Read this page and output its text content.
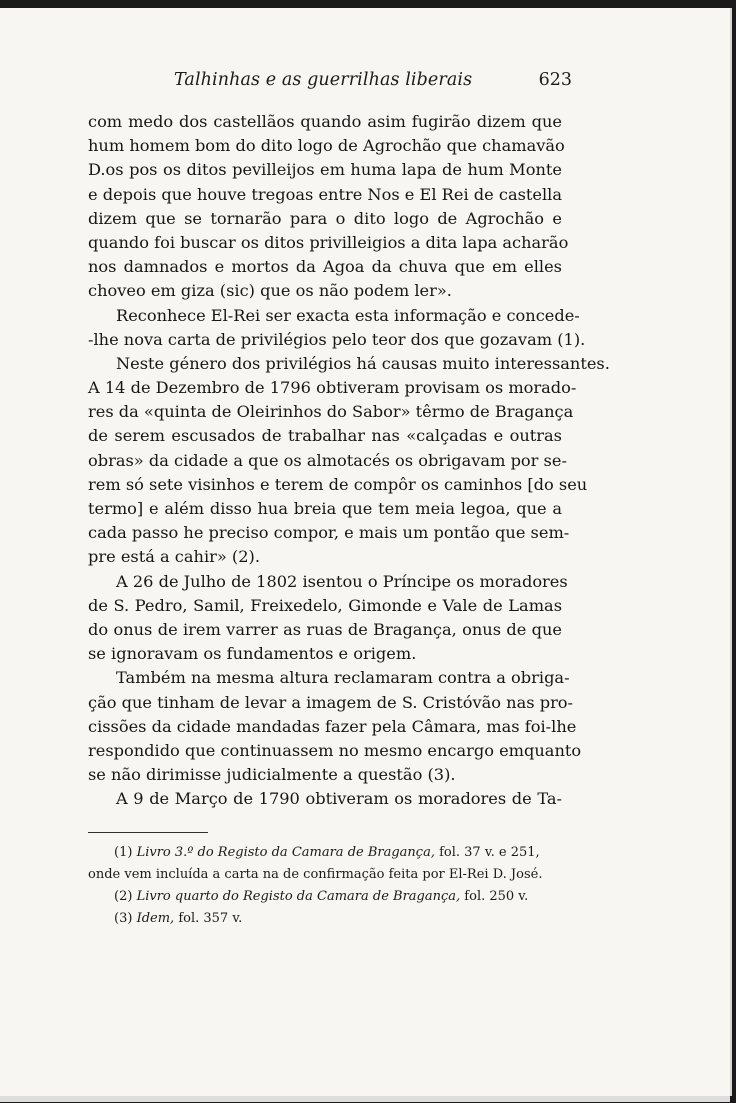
Talhinhas e as guerrilhas liberais	623
com medo dos castellãos quando asim fugirão dizem que
hum homem bom do dito logo de Agrochão que chamavão
D.os pos os ditos pevilleijos em huma lapa de hum Monte
e depois que houve tregoas entre Nos e El Rei de castella
dizem que se tornarão para o dito logo de Agrochão e
quando foi buscar os ditos privilleigios a dita lapa acharão
nos damnados e mortos da Agoa da chuva que em elles
choveo em giza (sic) que os não podem ler».
Reconhece El-Rei ser exacta esta informação e concede-
-lhe nova carta de privilégios pelo teor dos que gozavam (1).
Neste género dos privilégios há causas muito interessantes.
A 14 de Dezembro de 1796 obtiveram provisam os morado-
res da «quinta de Oleirinhos do Sabor» têrmo de Bragança
de serem escusados de trabalhar nas «calçadas e outras
obras» da cidade a que os almotacés os obrigavam por se-
rem só sete visinhos e terem de compôr os caminhos [do seu
termo] e além disso hua breia que tem meia legoa, que a
cada passo he preciso compor, e mais um pontão que sem-
pre está a cahir» (2).
A 26 de Julho de 1802 isentou o Príncipe os moradores
de S. Pedro, Samil, Freixedelo, Gimonde e Vale de Lamas
do onus de irem varrer as ruas de Bragança, onus de que
se ignoravam os fundamentos e origem.
Também na mesma altura reclamaram contra a obriga-
ção que tinham de levar a imagem de S. Cristóvão nas pro-
cissões da cidade mandadas fazer pela Câmara, mas foi-lhe
respondido que continuassem no mesmo encargo emquanto
se não dirimisse judicialmente a questão (3).
A 9 de Março de 1790 obtiveram os moradores de Ta-
(1) Livro 3.º do Registo da Camara de Bragança, fol. 37 v. e 251,
onde vem incluída a carta na de confirmação feita por El-Rei D. José.
(2) Livro quarto do Registo da Camara de Bragança, fol. 250 v.
(3) Idem, fol. 357 v.
